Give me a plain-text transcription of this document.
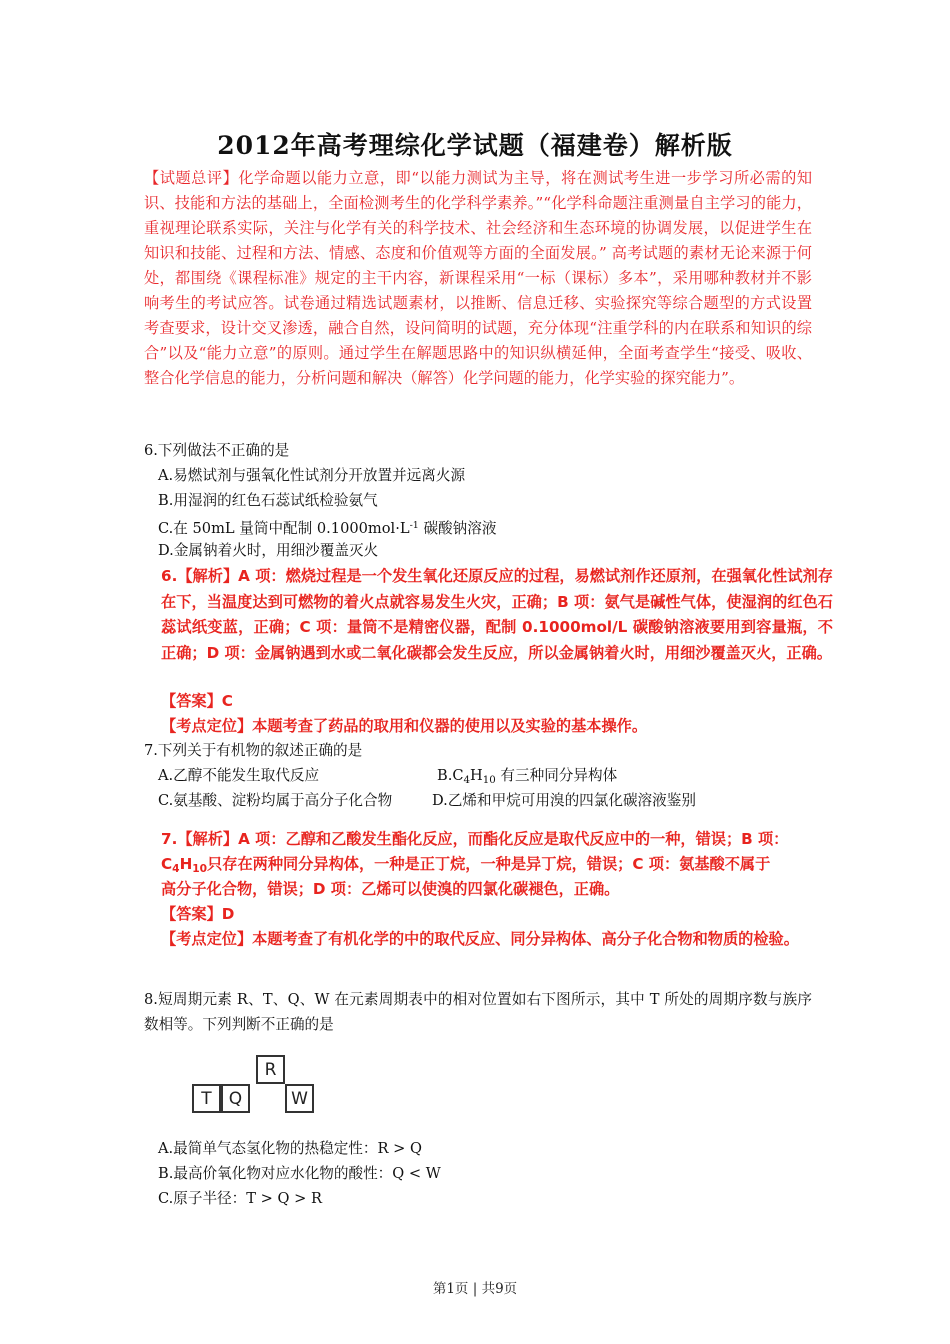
2012年高考理综化学试题（福建卷）解析版
【试题总评】化学命题以能力立意，即“以能力测试为主导，将在测试考生进一步学习所必需的知识、技能和方法的基础上，全面检测考生的化学科学素养。”“化学科命题注重测量自主学习的能力，重视理论联系实际，关注与化学有关的科学技术、社会经济和生态环境的协调发展，以促进学生在知识和技能、过程和方法、情感、态度和价值观等方面的全面发展。” 高考试题的素材无论来源于何处，都围绕《课程标准》规定的主干内容，新课程采用“一标（课标）多本”，采用哪种教材并不影响考生的考试应答。试卷通过精选试题素材，以推断、信息迁移、实验探究等综合题型的方式设置考查要求，设计交叉渗透，融合自然，设问简明的试题，充分体现“注重学科的内在联系和知识的综合”以及“能力立意”的原则。通过学生在解题思路中的知识纵横延伸，全面考查学生“接受、吸收、整合化学信息的能力，分析问题和解决（解答）化学问题的能力，化学实验的探究能力”。
6.下列做法不正确的是
A.易燃试剂与强氧化性试剂分开放置并远离火源
B.用湿润的红色石蕊试纸检验氨气
C.在 50mL 量筒中配制 $0.1000mol\cdot L^{-1}$ 碳酸钠溶液
D.金属钠着火时，用细沙覆盖灭火
6.【解析】A 项：燃烧过程是一个发生氧化还原反应的过程，易燃试剂作还原剂，在强氧化性试剂存在下，当温度达到可燃物的着火点就容易发生火灾，正确；B 项：氨气是碱性气体，使湿润的红色石蕊试纸变蓝，正确；C 项：量筒不是精密仪器，配制 0.1000mol/L 碳酸钠溶液要用到容量瓶，不正确；D 项：金属钠遇到水或二氧化碳都会发生反应，所以金属钠着火时，用细沙覆盖灭火，正确。
【答案】C
【考点定位】本题考查了药品的取用和仪器的使用以及实验的基本操作。
7.下列关于有机物的叙述正确的是
A.乙醇不能发生取代反应	$B.C_4H_{10}$ 有三种同分异构体
C.氨基酸、淀粉均属于高分子化合物	D.乙烯和甲烷可用溴的四氯化碳溶液鉴别
7.【解析】A 项：乙醇和乙酸发生酯化反应，而酯化反应是取代反应中的一种，错误；B 项：
$C_4H_{10}$只存在两种同分异构体，一种是正丁烷，一种是异丁烷，错误；C 项：氨基酸不属于
高分子化合物，错误；D 项：乙烯可以使溴的四氯化碳褪色，正确。
【答案】D
【考点定位】本题考查了有机化学的中的取代反应、同分异构体、高分子化合物和物质的检验。
8.短周期元素 R、T、Q、W 在元素周期表中的相对位置如右下图所示，其中 T 所处的周期序数与族序数相等。下列判断不正确的是
R
T	Q	W
A.最简单气态氢化物的热稳定性：R > Q
B.最高价氧化物对应水化物的酸性：Q < W
C.原子半径：T > Q > R
第1页 | 共9页
